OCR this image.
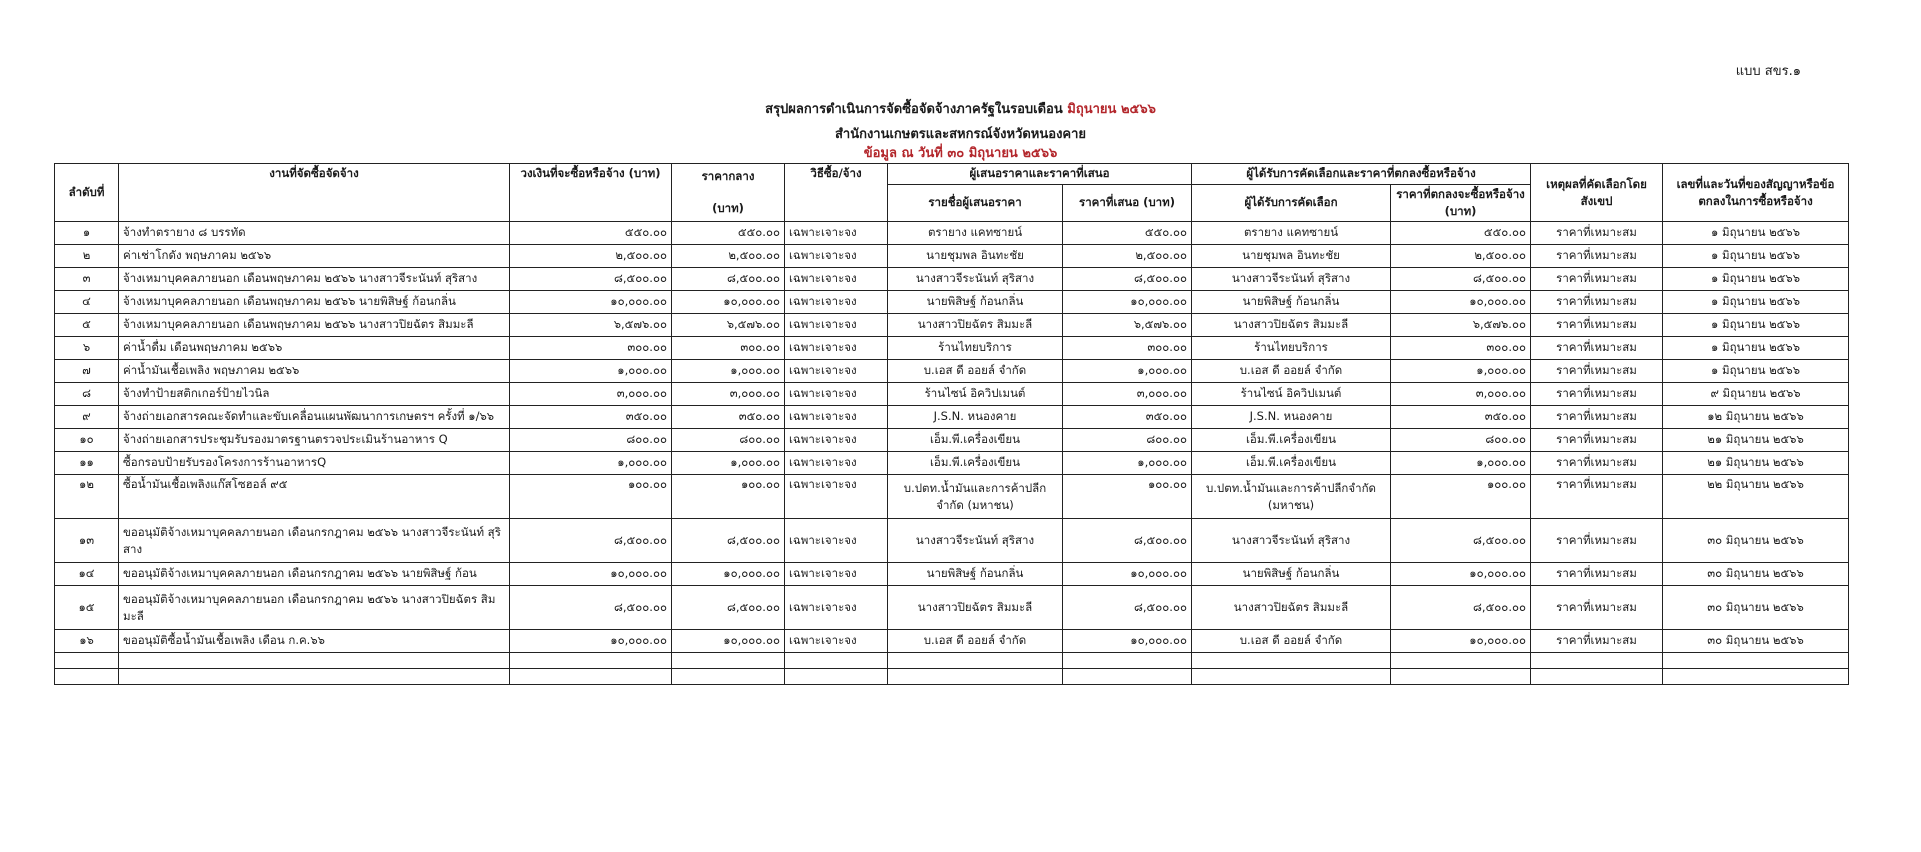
แบบ สขร.๑
สรุปผลการดำเนินการจัดซื้อจัดจ้างภาครัฐในรอบเดือน มิถุนายน ๒๕๖๖
สำนักงานเกษตรและสหกรณ์จังหวัดหนองคาย
ข้อมูล ณ วันที่ ๓๐ มิถุนายน ๒๕๖๖
ลำดับที่	งานที่จัดซื้อจัดจ้าง	วงเงินที่จะซื้อหรือจ้าง (บาท)	ราคากลาง
(บาท)	วิธีซื้อ/จ้าง	ผู้เสนอราคาและราคาที่เสนอ		ผู้ได้รับการคัดเลือกและราคาที่ตกลงซื้อหรือจ้าง		เหตุผลที่คัดเลือกโดยสังเขป	เลขที่และวันที่ของสัญญาหรือข้อตกลงในการซื้อหรือจ้าง
					รายชื่อผู้เสนอราคา	ราคาที่เสนอ (บาท)	ผู้ได้รับการคัดเลือก	ราคาที่ตกลงจะซื้อหรือจ้าง (บาท)		
๑	จ้างทำตรายาง ๘ บรรทัด	๕๕๐.๐๐	๕๕๐.๐๐	เฉพาะเจาะจง	ตรายาง แคทซายน์	๕๕๐.๐๐	ตรายาง แคทซายน์	๕๕๐.๐๐	ราคาที่เหมาะสม	๑ มิถุนายน ๒๕๖๖
๒	ค่าเช่าโกดัง พฤษภาคม ๒๕๖๖	๒,๕๐๐.๐๐	๒,๕๐๐.๐๐	เฉพาะเจาะจง	นายชุมพล อินทะชัย	๒,๕๐๐.๐๐	นายชุมพล อินทะชัย	๒,๕๐๐.๐๐	ราคาที่เหมาะสม	๑ มิถุนายน ๒๕๖๖
๓	จ้างเหมาบุคคลภายนอก เดือนพฤษภาคม ๒๕๖๖ นางสาวจีระนันท์ สุริสาง	๘,๕๐๐.๐๐	๘,๕๐๐.๐๐	เฉพาะเจาะจง	นางสาวจีระนันท์ สุริสาง	๘,๕๐๐.๐๐	นางสาวจีระนันท์ สุริสาง	๘,๕๐๐.๐๐	ราคาที่เหมาะสม	๑ มิถุนายน ๒๕๖๖
๔	จ้างเหมาบุคคลภายนอก เดือนพฤษภาคม ๒๕๖๖ นายพิสิษฐ์ ก้อนกลิ่น	๑๐,๐๐๐.๐๐	๑๐,๐๐๐.๐๐	เฉพาะเจาะจง	นายพิสิษฐ์ ก้อนกลิ่น	๑๐,๐๐๐.๐๐	นายพิสิษฐ์ ก้อนกลิ่น	๑๐,๐๐๐.๐๐	ราคาที่เหมาะสม	๑ มิถุนายน ๒๕๖๖
๕	จ้างเหมาบุคคลภายนอก เดือนพฤษภาคม ๒๕๖๖ นางสาวปิยฉัตร สิมมะลี	๖,๕๗๖.๐๐	๖,๕๗๖.๐๐	เฉพาะเจาะจง	นางสาวปิยฉัตร สิมมะลี	๖,๕๗๖.๐๐	นางสาวปิยฉัตร สิมมะลี	๖,๕๗๖.๐๐	ราคาที่เหมาะสม	๑ มิถุนายน ๒๕๖๖
๖	ค่าน้ำดื่ม เดือนพฤษภาคม ๒๕๖๖	๓๐๐.๐๐	๓๐๐.๐๐	เฉพาะเจาะจง	ร้านไทยบริการ	๓๐๐.๐๐	ร้านไทยบริการ	๓๐๐.๐๐	ราคาที่เหมาะสม	๑ มิถุนายน ๒๕๖๖
๗	ค่าน้ำมันเชื้อเพลิง พฤษภาคม ๒๕๖๖	๑,๐๐๐.๐๐	๑,๐๐๐.๐๐	เฉพาะเจาะจง	บ.เอส ดี ออยล์ จำกัด	๑,๐๐๐.๐๐	บ.เอส ดี ออยล์ จำกัด	๑,๐๐๐.๐๐	ราคาที่เหมาะสม	๑ มิถุนายน ๒๕๖๖
๘	จ้างทำป้ายสติกเกอร์ป้ายไวนิล	๓,๐๐๐.๐๐	๓,๐๐๐.๐๐	เฉพาะเจาะจง	ร้านไซน์ อิควิปเมนต์	๓,๐๐๐.๐๐	ร้านไซน์ อิควิปเมนต์	๓,๐๐๐.๐๐	ราคาที่เหมาะสม	๙ มิถุนายน ๒๕๖๖
๙	จ้างถ่ายเอกสารคณะจัดทำและขับเคลื่อนแผนพัฒนาการเกษตรฯ ครั้งที่ ๑/๖๖	๓๕๐.๐๐	๓๕๐.๐๐	เฉพาะเจาะจง	J.S.N. หนองคาย	๓๕๐.๐๐	J.S.N. หนองคาย	๓๕๐.๐๐	ราคาที่เหมาะสม	๑๒ มิถุนายน ๒๕๖๖
๑๐	จ้างถ่ายเอกสารประชุมรับรองมาตรฐานตรวจประเมินร้านอาหาร Q	๘๐๐.๐๐	๘๐๐.๐๐	เฉพาะเจาะจง	เอ็ม.พี.เครื่องเขียน	๘๐๐.๐๐	เอ็ม.พี.เครื่องเขียน	๘๐๐.๐๐	ราคาที่เหมาะสม	๒๑ มิถุนายน ๒๕๖๖
๑๑	ซื้อกรอบป้ายรับรองโครงการร้านอาหารQ	๑,๐๐๐.๐๐	๑,๐๐๐.๐๐	เฉพาะเจาะจง	เอ็ม.พี.เครื่องเขียน	๑,๐๐๐.๐๐	เอ็ม.พี.เครื่องเขียน	๑,๐๐๐.๐๐	ราคาที่เหมาะสม	๒๑ มิถุนายน ๒๕๖๖
๑๒	ซื้อน้ำมันเชื้อเพลิงแก๊สโซฮอล์ ๙๕	๑๐๐.๐๐	๑๐๐.๐๐	เฉพาะเจาะจง	บ.ปตท.น้ำมันและการค้าปลีกจำกัด (มหาชน)	๑๐๐.๐๐	บ.ปตท.น้ำมันและการค้าปลีกจำกัด (มหาชน)	๑๐๐.๐๐	ราคาที่เหมาะสม	๒๒ มิถุนายน ๒๕๖๖
๑๓	ขออนุมัติจ้างเหมาบุคคลภายนอก เดือนกรกฎาคม ๒๕๖๖ นางสาวจีระนันท์ สุริสาง	๘,๕๐๐.๐๐	๘,๕๐๐.๐๐	เฉพาะเจาะจง	นางสาวจีระนันท์ สุริสาง	๘,๕๐๐.๐๐	นางสาวจีระนันท์ สุริสาง	๘,๕๐๐.๐๐	ราคาที่เหมาะสม	๓๐ มิถุนายน ๒๕๖๖
๑๔	ขออนุมัติจ้างเหมาบุคคลภายนอก เดือนกรกฎาคม ๒๕๖๖ นายพิสิษฐ์ ก้อน	๑๐,๐๐๐.๐๐	๑๐,๐๐๐.๐๐	เฉพาะเจาะจง	นายพิสิษฐ์ ก้อนกลิ่น	๑๐,๐๐๐.๐๐	นายพิสิษฐ์ ก้อนกลิ่น	๑๐,๐๐๐.๐๐	ราคาที่เหมาะสม	๓๐ มิถุนายน ๒๕๖๖
๑๕	ขออนุมัติจ้างเหมาบุคคลภายนอก เดือนกรกฎาคม ๒๕๖๖ นางสาวปิยฉัตร สิมมะลี	๘,๕๐๐.๐๐	๘,๕๐๐.๐๐	เฉพาะเจาะจง	นางสาวปิยฉัตร สิมมะลี	๘,๕๐๐.๐๐	นางสาวปิยฉัตร สิมมะลี	๘,๕๐๐.๐๐	ราคาที่เหมาะสม	๓๐ มิถุนายน ๒๕๖๖
๑๖	ขออนุมัติซื้อน้ำมันเชื้อเพลิง เดือน ก.ค.๖๖	๑๐,๐๐๐.๐๐	๑๐,๐๐๐.๐๐	เฉพาะเจาะจง	บ.เอส ดี ออยล์ จำกัด	๑๐,๐๐๐.๐๐	บ.เอส ดี ออยล์ จำกัด	๑๐,๐๐๐.๐๐	ราคาที่เหมาะสม	๓๐ มิถุนายน ๒๕๖๖
